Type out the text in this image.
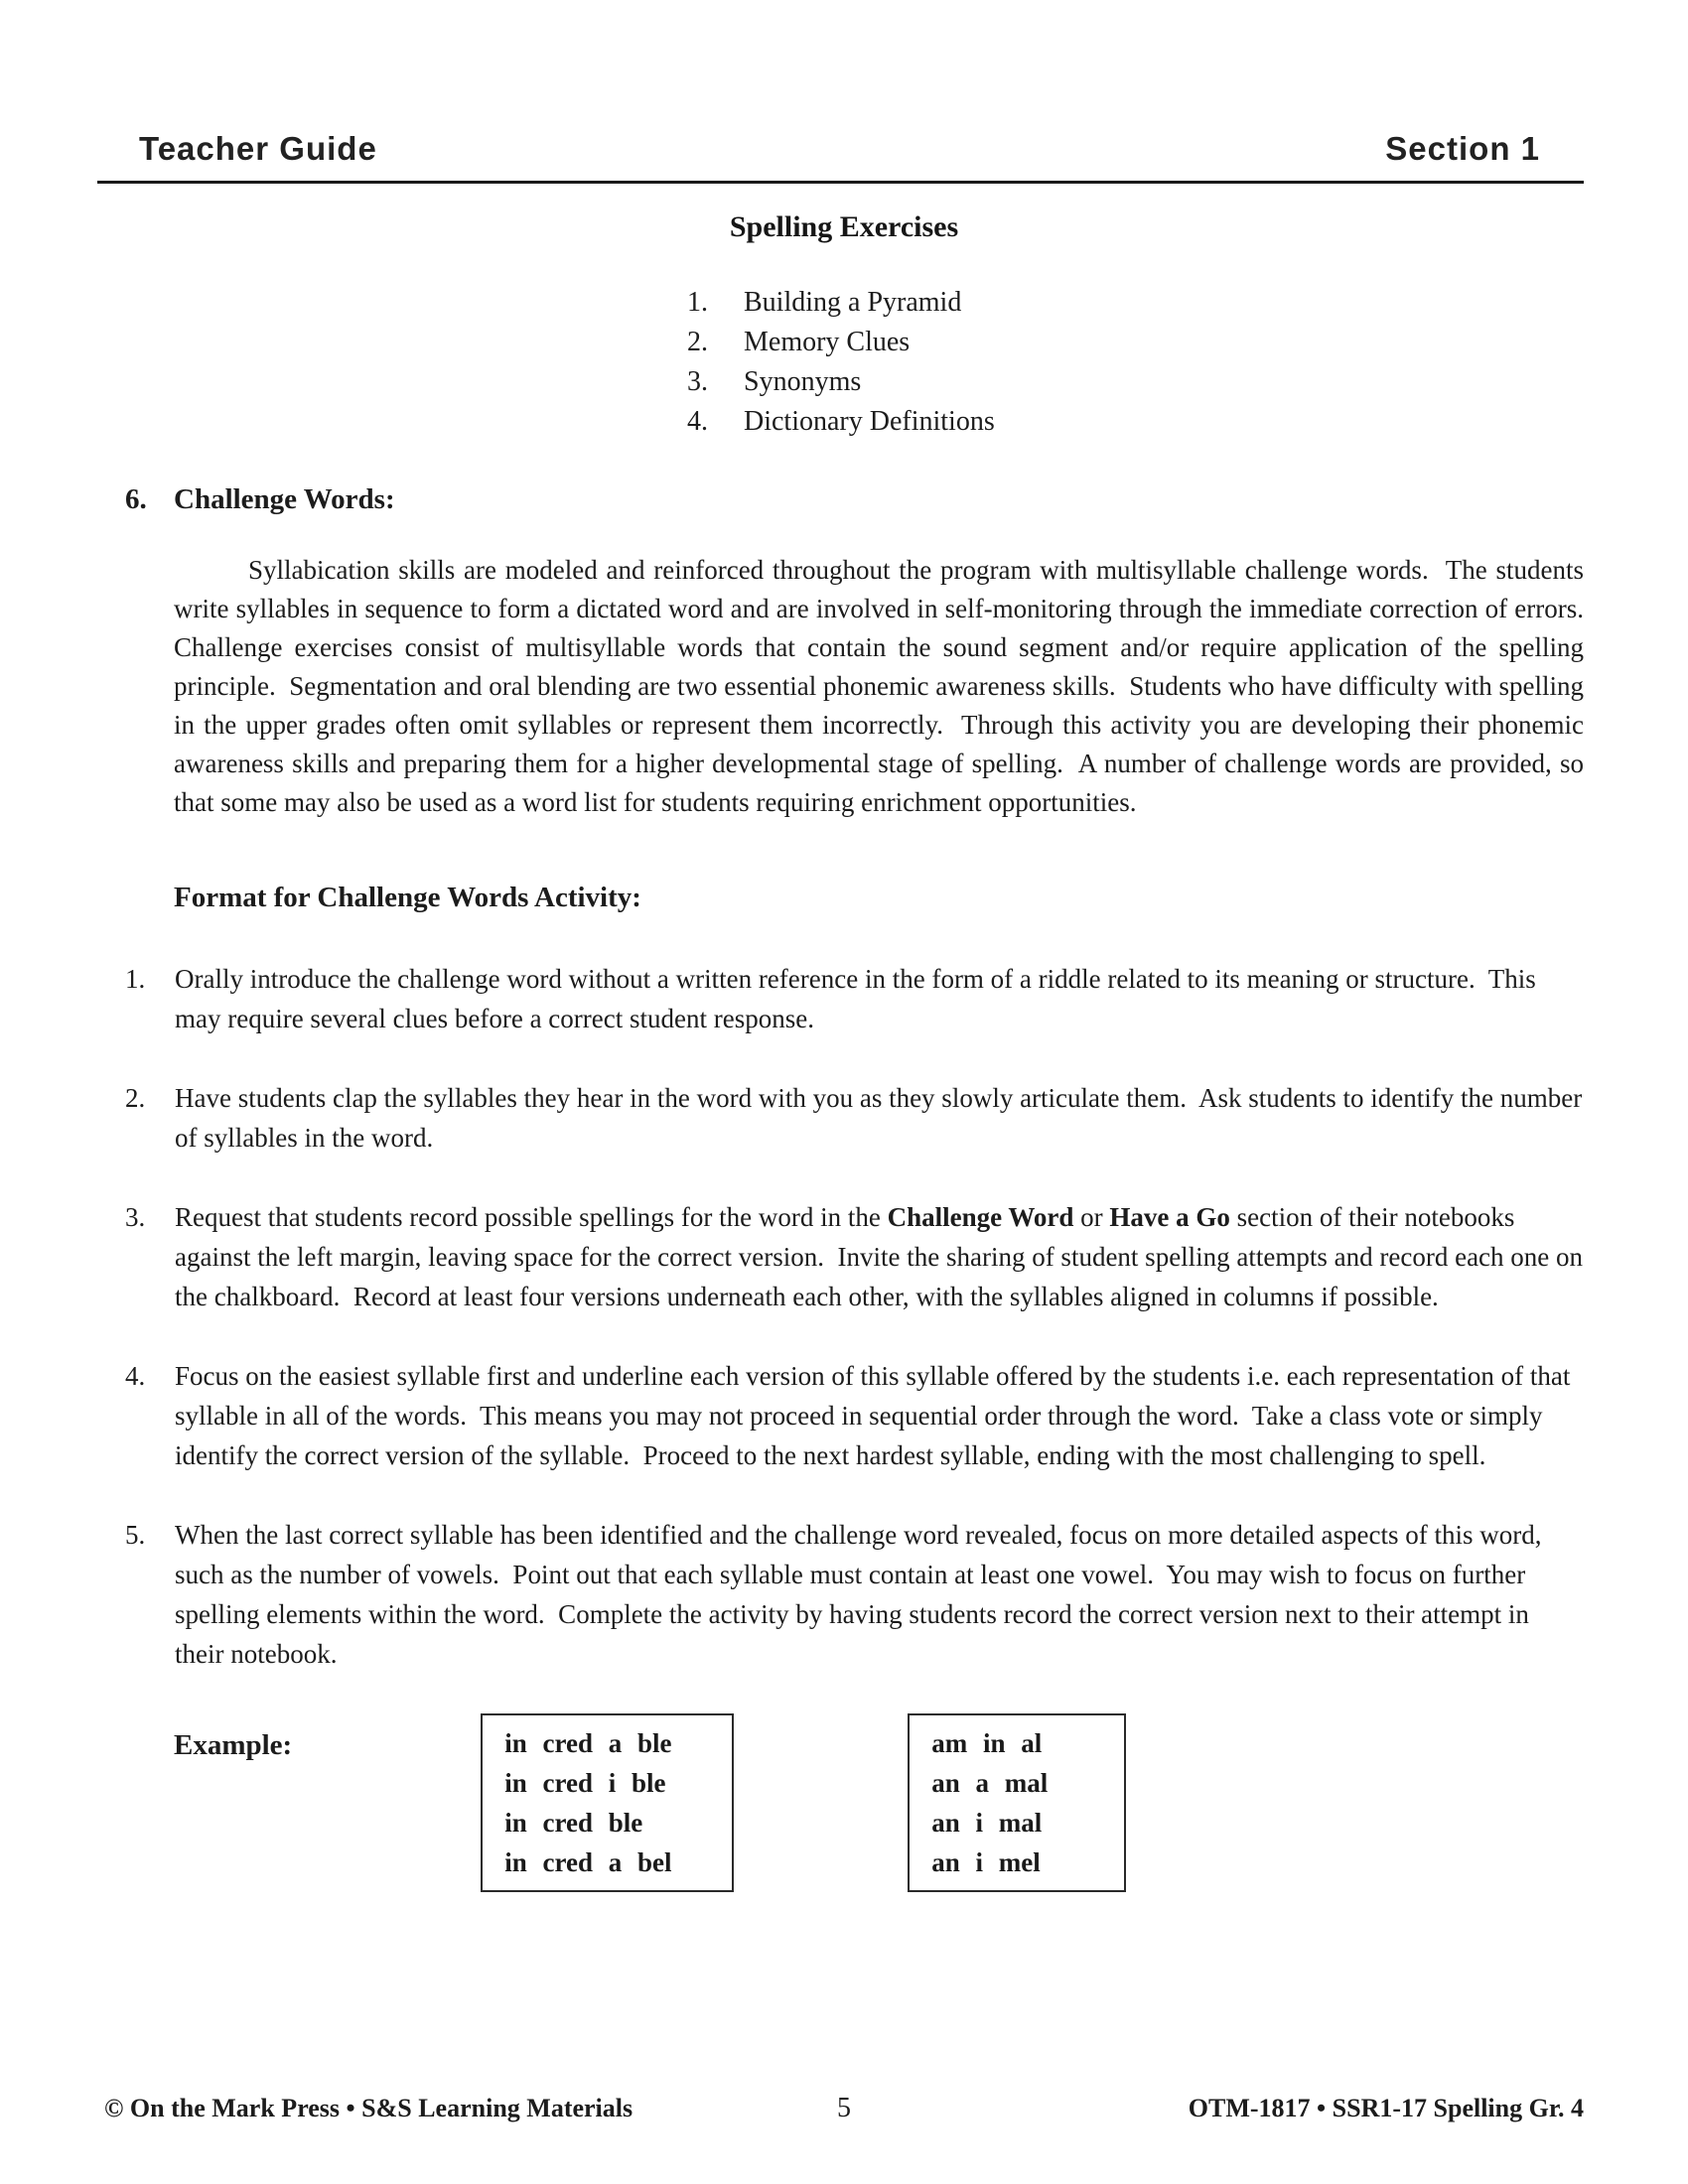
Teacher Guide	Section 1
Spelling Exercises
1.	Building a Pyramid
2.	Memory Clues
3.	Synonyms
4.	Dictionary Definitions
6. Challenge Words:

Syllabication skills are modeled and reinforced throughout the program with multisyllable challenge words.  The students write syllables in sequence to form a dictated word and are involved in self-monitoring through the immediate correction of errors.  Challenge exercises consist of multisyllable words that contain the sound segment and/or require application of the spelling principle.  Segmentation and oral blending are two essential phonemic awareness skills.  Students who have difficulty with spelling in the upper grades often omit syllables or represent them incorrectly.  Through this activity you are developing their phonemic awareness skills and preparing them for a higher developmental stage of spelling.  A number of challenge words are provided, so that some may also be used as a word list for students requiring enrichment opportunities.

Format for Challenge Words Activity:
1.	Orally introduce the challenge word without a written reference in the form of a riddle related to its meaning or structure.  This may require several clues before a correct student response.
2.	Have students clap the syllables they hear in the word with you as they slowly articulate them.  Ask students to identify the number of syllables in the word.
3.	Request that students record possible spellings for the word in the Challenge Word or Have a Go section of their notebooks against the left margin, leaving space for the correct version.  Invite the sharing of student spelling attempts and record each one on the chalkboard.  Record at least four versions underneath each other, with the syllables aligned in columns if possible.
4.	Focus on the easiest syllable first and underline each version of this syllable offered by the students i.e. each representation of that syllable in all of the words.  This means you may not proceed in sequential order through the word.  Take a class vote or simply identify the correct version of the syllable.  Proceed to the next hardest syllable, ending with the most challenging to spell.
5.	When the last correct syllable has been identified and the challenge word revealed, focus on more detailed aspects of this word, such as the number of vowels.  Point out that each syllable must contain at least one vowel.  You may wish to focus on further spelling elements within the word.  Complete the activity by having students record the correct version next to their attempt in their notebook.
Example:	in cred a ble
in cred i ble
in cred ble
in cred a bel
am in al
an a mal
an i mal
an i mel
© On the Mark Press • S&S Learning Materials	5	OTM-1817 • SSR1-17 Spelling Gr. 4
